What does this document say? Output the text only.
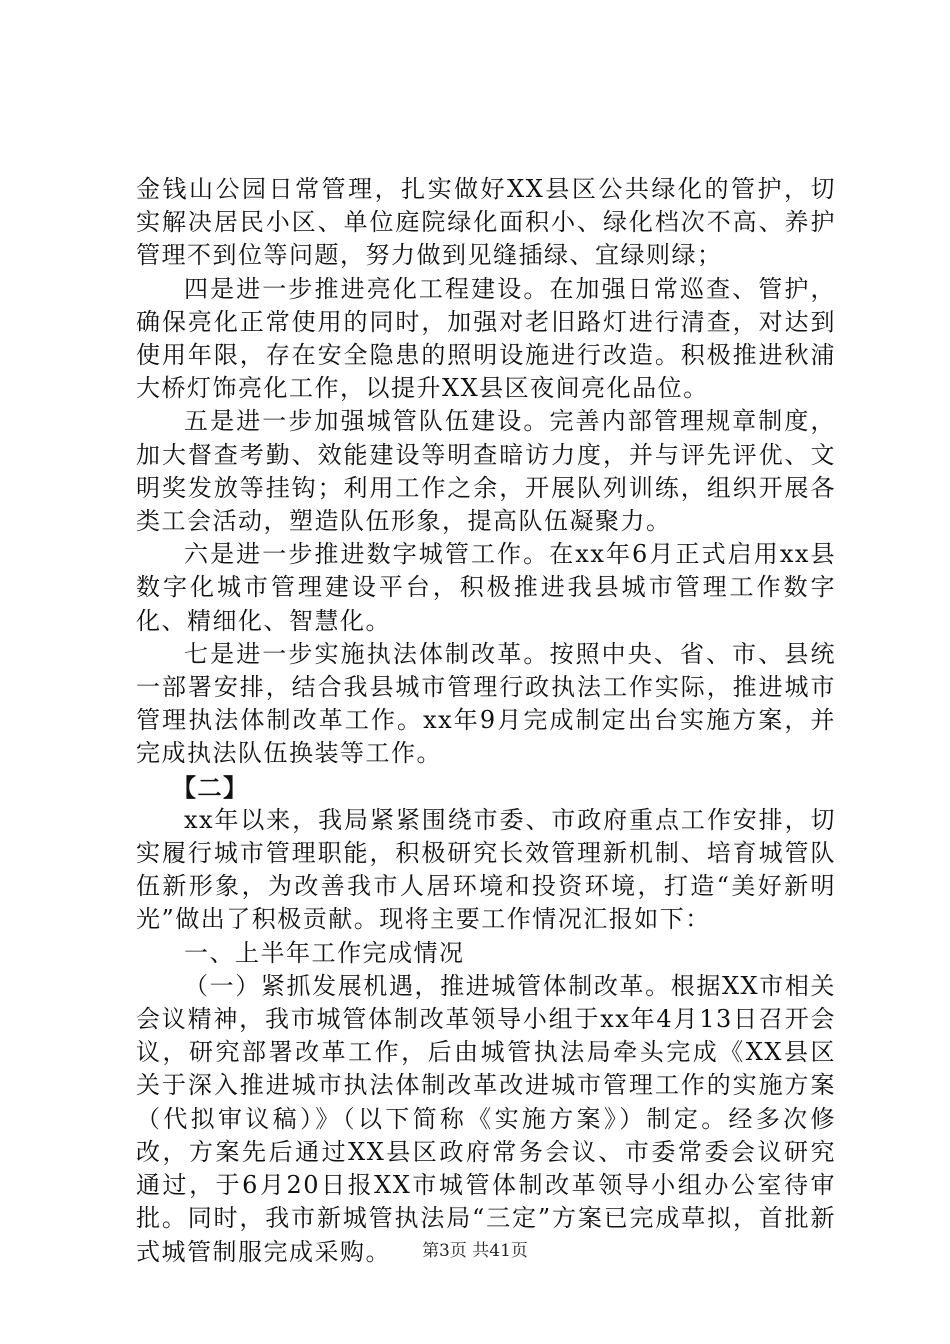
金钱山公园日常管理，扎实做好XX县区公共绿化的管护，切实解决居民小区、单位庭院绿化面积小、绿化档次不高、养护管理不到位等问题，努力做到见缝插绿、宜绿则绿；

四是进一步推进亮化工程建设。在加强日常巡查、管护，确保亮化正常使用的同时，加强对老旧路灯进行清查，对达到使用年限，存在安全隐患的照明设施进行改造。积极推进秋浦大桥灯饰亮化工作，以提升XX县区夜间亮化品位。

五是进一步加强城管队伍建设。完善内部管理规章制度，加大督查考勤、效能建设等明查暗访力度，并与评先评优、文明奖发放等挂钩；利用工作之余，开展队列训练，组织开展各类工会活动，塑造队伍形象，提高队伍凝聚力。

六是进一步推进数字城管工作。在xx年6月正式启用xx县数字化城市管理建设平台，积极推进我县城市管理工作数字化、精细化、智慧化。

七是进一步实施执法体制改革。按照中央、省、市、县统一部署安排，结合我县城市管理行政执法工作实际，推进城市管理执法体制改革工作。xx年9月完成制定出台实施方案，并完成执法队伍换装等工作。

【二】

xx年以来，我局紧紧围绕市委、市政府重点工作安排，切实履行城市管理职能，积极研究长效管理新机制、培育城管队伍新形象，为改善我市人居环境和投资环境，打造“美好新明光”做出了积极贡献。现将主要工作情况汇报如下：

一、上半年工作完成情况

（一）紧抓发展机遇，推进城管体制改革。根据XX市相关会议精神，我市城管体制改革领导小组于xx年4月13日召开会议，研究部署改革工作，后由城管执法局牵头完成《XX县区关于深入推进城市执法体制改革改进城市管理工作的实施方案（代拟审议稿）》（以下简称《实施方案》）制定。经多次修改，方案先后通过XX县区政府常务会议、市委常委会议研究通过，于6月20日报XX市城管体制改革领导小组办公室待审批。同时，我市新城管执法局“三定”方案已完成草拟，首批新式城管制服完成采购。	第3页 共41页
